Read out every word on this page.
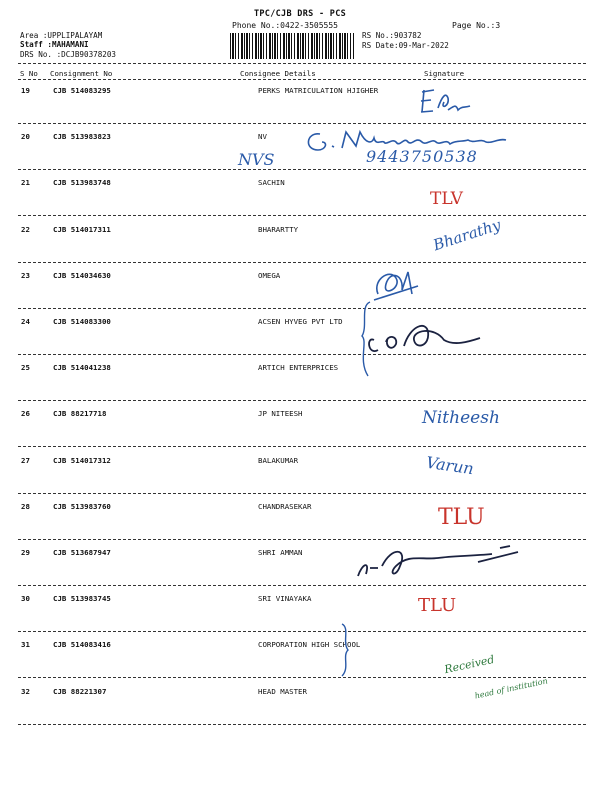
TPC/CJB DRS - PCS
Phone No.:0422-3505555	Page No.:3
Area :UPPLIPALAYAM
Staff :MAHAMANI
DRS No. :DCJB90378203
RS No.:903782
RS Date:09-Mar-2022
S No Consignment No	Consignee Details	Signature
19	CJB 514083295	PERKS MATRICULATION HJIGHER
20	CJB 513983823	NV
21	CJB 513983748	SACHIN
22	CJB 514017311	BHARARTTY
23	CJB 514034630	OMEGA
24	CJB 514083300	ACSEN HYVEG PVT LTD
25	CJB 514041238	ARTICH ENTERPRICES
26	CJB 88217718	JP NITEESH
27	CJB 514017312	BALAKUMAR
28	CJB 513983760	CHANDRASEKAR
29	CJB 513687947	SHRI AMMAN
30	CJB 513983745	SRI VINAYAKA
31	CJB 514083416	CORPORATION HIGH SCHOOL
32	CJB 88221307	HEAD MASTER
NVS	9443750538
TLV
Bharathy
Nitheesh
Varun
TLU
TLU
Received
head of institution
